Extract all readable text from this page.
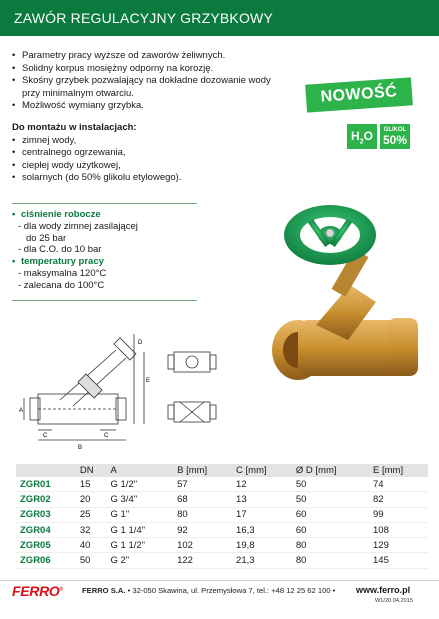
ZAWÓR REGULACYJNY GRZYBKOWY
• Parametry pracy wyższe od zaworów żeliwnych.
• Solidny korpus mosiężny odporny na korozję.
• Skośny grzybek pozwalający na dokładne dozowanie wody przy minimalnym otwarciu.
• Możliwość wymiany grzybka.
NOWOŚĆ
$H_2O$	GLIKOL
50%
Do montażu w instalacjach:
• zimnej wody,
• centralnego ogrzewania,
• ciepłej wody użytkowej,
• solarnych (do 50% glikolu etylowego).
• ciśnienie robocze
- dla wody zimnej zasilającej
do 25 bar
- dla C.O. do 10 bar
• temperatury pracy
- maksymalna 120°C
- zalecana do 100°C
D
E
A
B
C	C
	DN	A	B [mm]	C [mm]	Ø D [mm]	E [mm]
ZGR01	15	G 1/2"	57	12	50	74
ZGR02	20	G 3/4"	68	13	50	82
ZGR03	25	G 1"	80	17	60	99
ZGR04	32	G 1 1/4"	92	16,3	60	108
ZGR05	40	G 1 1/2"	102	19,8	80	129
ZGR06	50	G 2"	122	21,3	80	145
FERRO®	FERRO S.A. • 32-050 Skawina, ul. Przemysłowa 7, tel.: +48 12 25 62 100 • www.ferro.pl
W1/20.04.2015
